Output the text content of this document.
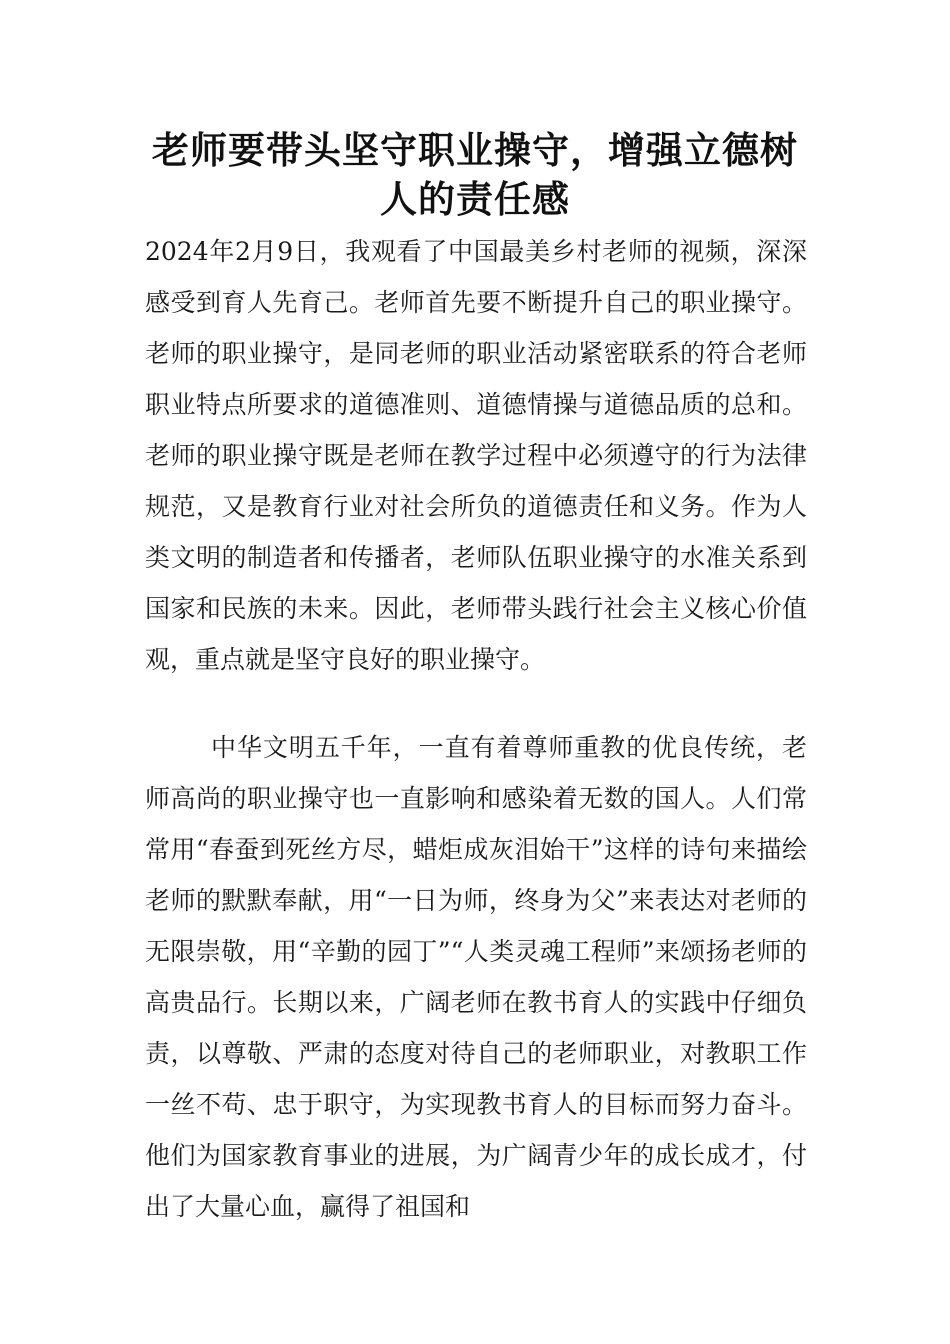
老师要带头坚守职业操守，增强立德树人的责任感

2024年2月9日，我观看了中国最美乡村老师的视频，深深感受到育人先育己。老师首先要不断提升自己的职业操守。老师的职业操守，是同老师的职业活动紧密联系的符合老师职业特点所要求的道德准则、道德情操与道德品质的总和。老师的职业操守既是老师在教学过程中必须遵守的行为法律规范，又是教育行业对社会所负的道德责任和义务。作为人类文明的制造者和传播者，老师队伍职业操守的水准关系到国家和民族的未来。因此，老师带头践行社会主义核心价值观，重点就是坚守良好的职业操守。

中华文明五千年，一直有着尊师重教的优良传统，老师高尚的职业操守也一直影响和感染着无数的国人。人们常常用“春蚕到死丝方尽，蜡炬成灰泪始干”这样的诗句来描绘老师的默默奉献，用“一日为师，终身为父”来表达对老师的无限崇敬，用“辛勤的园丁”“人类灵魂工程师”来颂扬老师的高贵品行。长期以来，广阔老师在教书育人的实践中仔细负责，以尊敬、严肃的态度对待自己的老师职业，对教职工作一丝不苟、忠于职守，为实现教书育人的目标而努力奋斗。他们为国家教育事业的进展，为广阔青少年的成长成才，付出了大量心血，赢得了祖国和
